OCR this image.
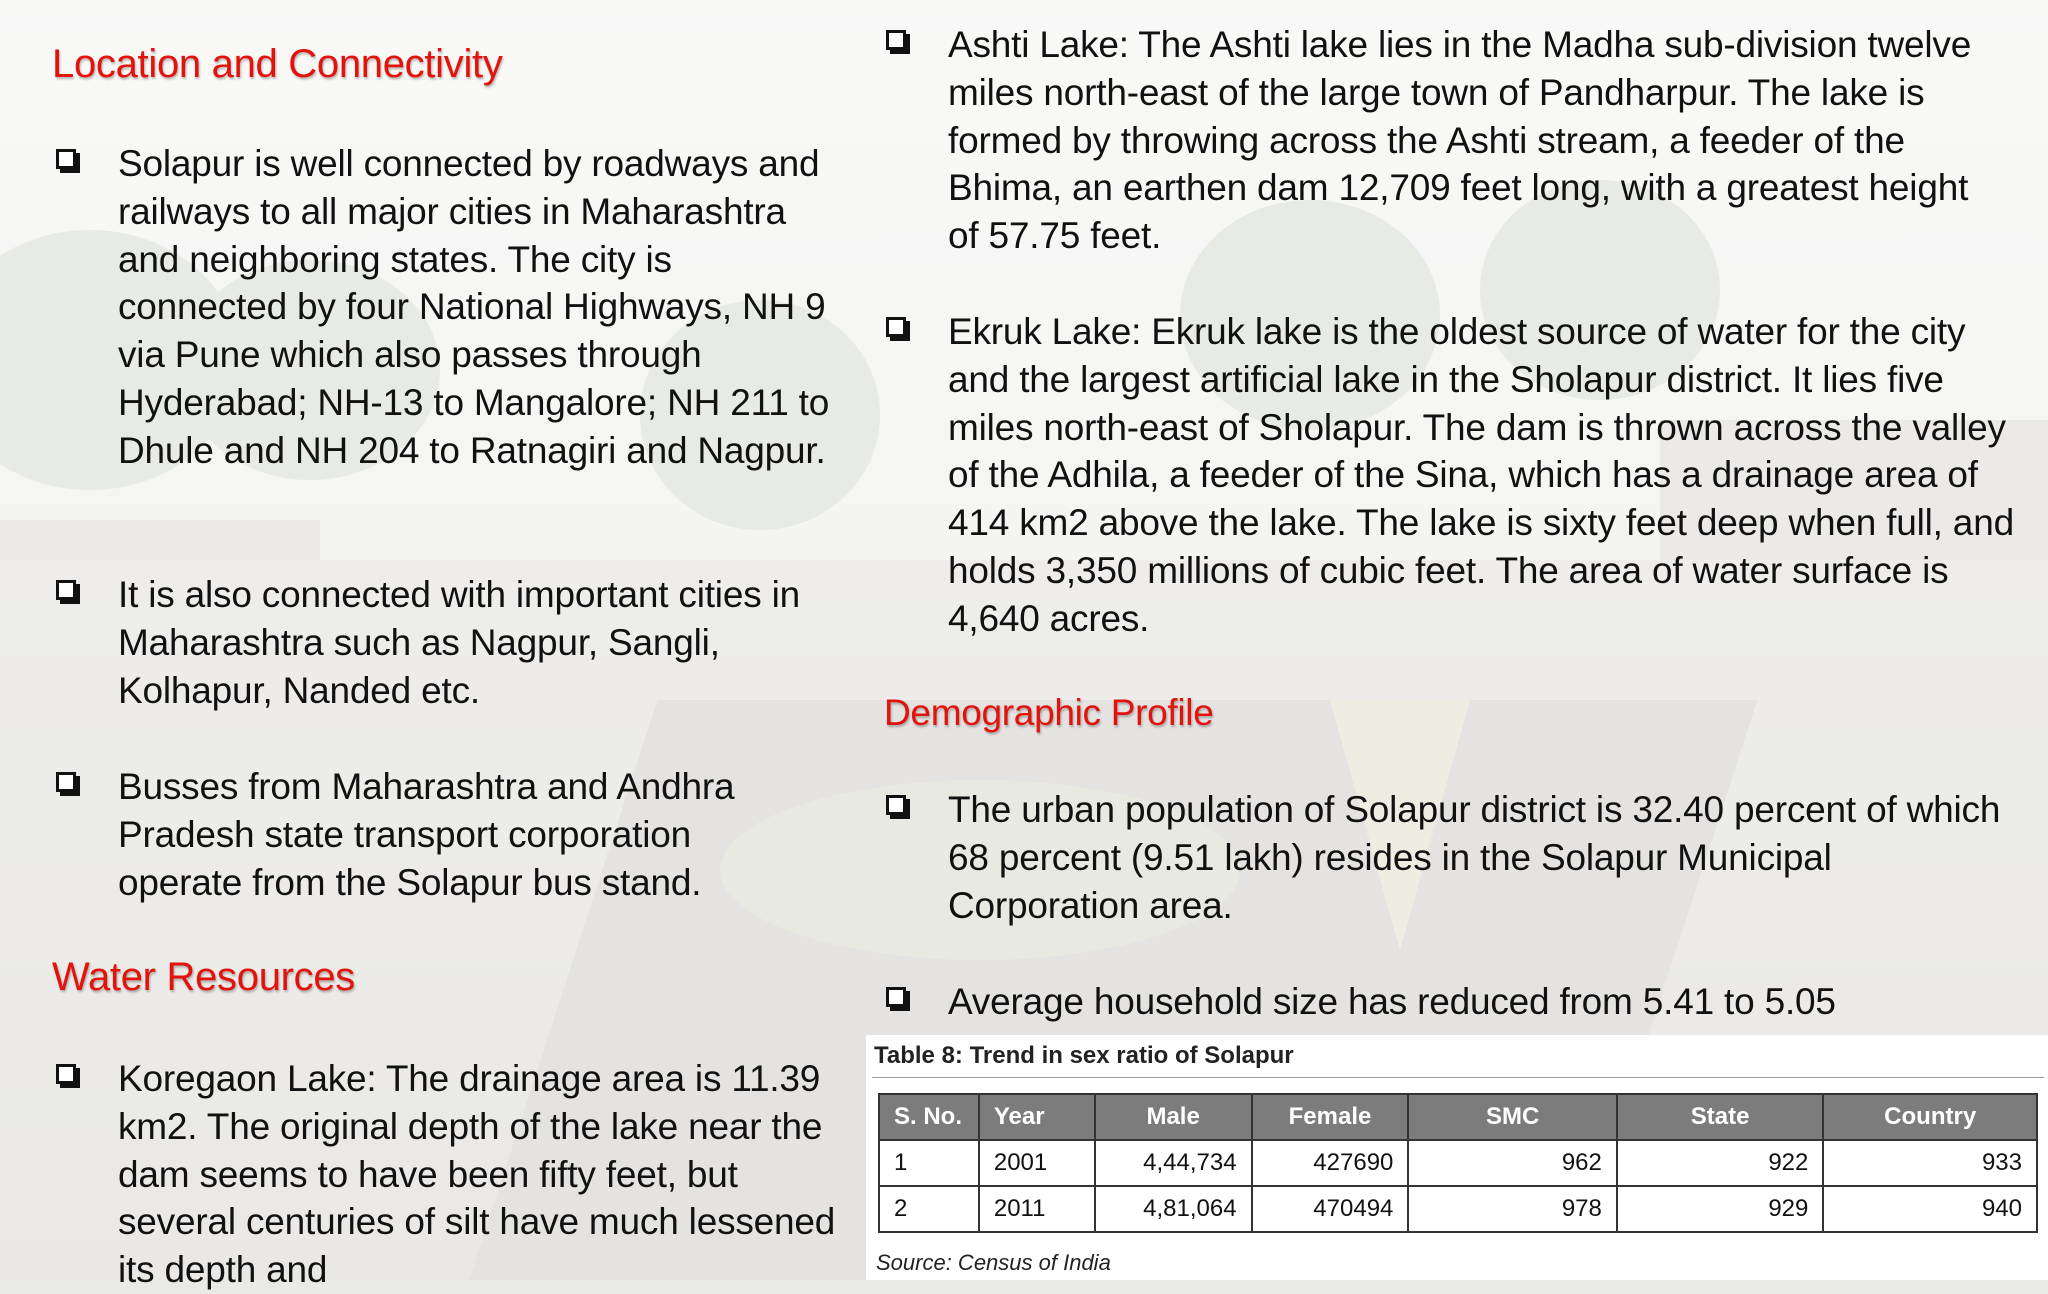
Location and Connectivity
Solapur is well connected by roadways and railways to all major cities in Maharashtra and neighboring states. The city is connected by four National Highways, NH 9 via Pune which also passes through Hyderabad; NH-13 to Mangalore; NH 211 to Dhule and NH 204 to Ratnagiri and Nagpur.
It is also connected with important cities in Maharashtra such as Nagpur, Sangli, Kolhapur, Nanded etc.
Busses from Maharashtra and Andhra Pradesh state transport corporation operate from the Solapur bus stand.
Water Resources
Koregaon Lake: The drainage area is 11.39 km2. The original depth of the lake near the dam seems to have been fifty feet, but several centuries of silt have much lessened its depth and
Ashti Lake: The Ashti lake lies in the Madha sub-division twelve miles north-east of the large town of Pandharpur. The lake is formed by throwing across the Ashti stream, a feeder of the Bhima, an earthen dam 12,709 feet long, with a greatest height of 57.75 feet.
Ekruk Lake: Ekruk lake is the oldest source of water for the city and the largest artificial lake in the Sholapur district. It lies five miles north-east of Sholapur. The dam is thrown across the valley of the Adhila, a feeder of the Sina, which has a drainage area of 414 km2 above the lake. The lake is sixty feet deep when full, and holds 3,350 millions of cubic feet. The area of water surface is 4,640 acres.
Demographic Profile
The urban population of Solapur district is 32.40 percent of which 68 percent (9.51 lakh) resides in the Solapur Municipal Corporation area.
Average household size has reduced from 5.41 to 5.05

Table 8: Trend in sex ratio of Solapur

S. No.	Year	Male	Female	SMC	State	Country
1	2001	4,44,734	427690	962	922	933
2	2011	4,81,064	470494	978	929	940

Source: Census of India
